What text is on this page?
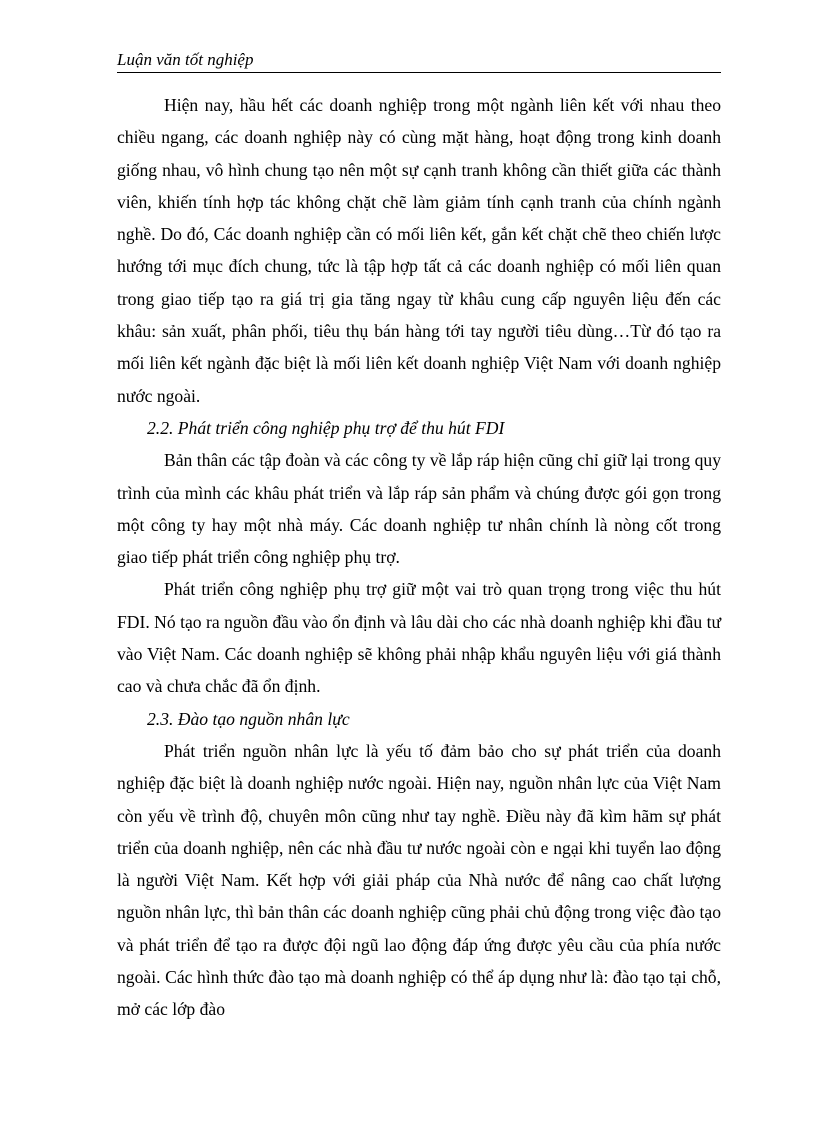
Luận văn tốt nghiệp

Hiện nay, hầu hết các doanh nghiệp trong một ngành liên kết với nhau theo chiều ngang, các doanh nghiệp này có cùng mặt hàng, hoạt động trong kinh doanh giống nhau, vô hình chung tạo nên một sự cạnh tranh không cần thiết giữa các thành viên, khiến tính hợp tác không chặt chẽ làm giảm tính cạnh tranh của chính ngành nghề. Do đó, Các doanh nghiệp cần có mối liên kết, gắn kết chặt chẽ theo chiến lược hướng tới mục đích chung, tức là tập hợp tất cả các doanh nghiệp có mối liên quan trong giao tiếp tạo ra giá trị gia tăng ngay từ khâu cung cấp nguyên liệu đến các khâu: sản xuất, phân phối, tiêu thụ bán hàng tới tay người tiêu dùng…Từ đó tạo ra mối liên kết ngành đặc biệt là mối liên kết doanh nghiệp Việt Nam với doanh nghiệp nước ngoài.

2.2. Phát triển công nghiệp phụ trợ để thu hút FDI

Bản thân các tập đoàn và các công ty về lắp ráp hiện cũng chỉ giữ lại trong quy trình của mình các khâu phát triển và lắp ráp sản phẩm và chúng được gói gọn trong một công ty hay một nhà máy. Các doanh nghiệp tư nhân chính là nòng cốt trong giao tiếp phát triển công nghiệp phụ trợ.

Phát triển công nghiệp phụ trợ giữ một vai trò quan trọng trong việc thu hút FDI. Nó tạo ra nguồn đầu vào ổn định và lâu dài cho các nhà doanh nghiệp khi đầu tư vào Việt Nam. Các doanh nghiệp sẽ không phải nhập khẩu nguyên liệu với giá thành cao và chưa chắc đã ổn định.

2.3. Đào tạo nguồn nhân lực

Phát triển nguồn nhân lực là yếu tố đảm bảo cho sự phát triển của doanh nghiệp đặc biệt là doanh nghiệp nước ngoài. Hiện nay, nguồn nhân lực của Việt Nam còn yếu về trình độ, chuyên môn cũng như tay nghề. Điều này đã kìm hãm sự phát triển của doanh nghiệp, nên các nhà đầu tư nước ngoài còn e ngại khi tuyển lao động là người Việt Nam. Kết hợp với giải pháp của Nhà nước để nâng cao chất lượng nguồn nhân lực, thì bản thân các doanh nghiệp cũng phải chủ động trong việc đào tạo và phát triển để tạo ra được đội ngũ lao động đáp ứng được yêu cầu của phía nước ngoài. Các hình thức đào tạo mà doanh nghiệp có thể áp dụng như là: đào tạo tại chỗ, mở các lớp đào
